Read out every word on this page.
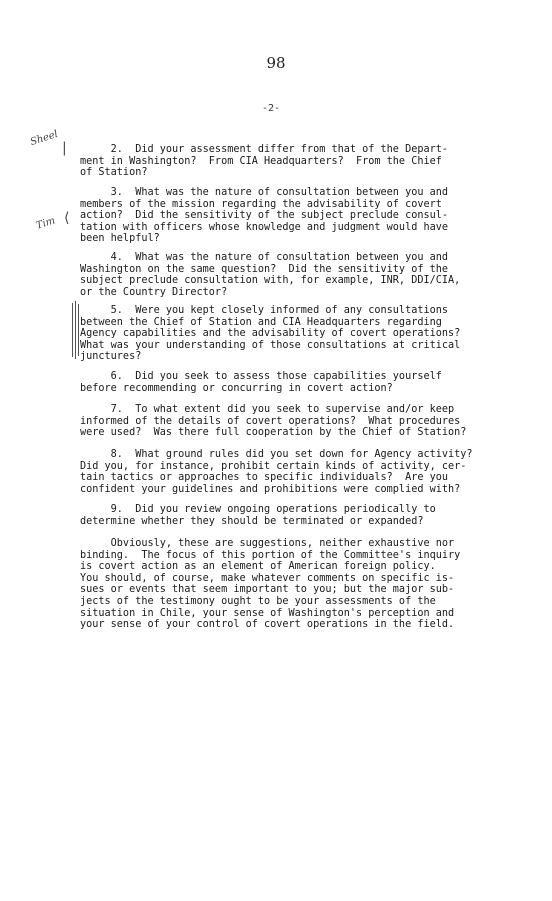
98
-2-
Sheel |
Tim ⟨

2.  Did your assessment differ from that of the Depart-
ment in Washington?  From CIA Headquarters?  From the Chief
of Station?

3.  What was the nature of consultation between you and
members of the mission regarding the advisability of covert
action?  Did the sensitivity of the subject preclude consul-
tation with officers whose knowledge and judgment would have
been helpful?

4.  What was the nature of consultation between you and
Washington on the same question?  Did the sensitivity of the
subject preclude consultation with, for example, INR, DDI/CIA,
or the Country Director?

5.  Were you kept closely informed of any consultations
between the Chief of Station and CIA Headquarters regarding
Agency capabilities and the advisability of covert operations?
What was your understanding of those consultations at critical
junctures?

6.  Did you seek to assess those capabilities yourself
before recommending or concurring in covert action?

7.  To what extent did you seek to supervise and/or keep
informed of the details of covert operations?  What procedures
were used?  Was there full cooperation by the Chief of Station?

8.  What ground rules did you set down for Agency activity?
Did you, for instance, prohibit certain kinds of activity, cer-
tain tactics or approaches to specific individuals?  Are you
confident your guidelines and prohibitions were complied with?

9.  Did you review ongoing operations periodically to
determine whether they should be terminated or expanded?

Obviously, these are suggestions, neither exhaustive nor
binding.  The focus of this portion of the Committee's inquiry
is covert action as an element of American foreign policy.
You should, of course, make whatever comments on specific is-
sues or events that seem important to you; but the major sub-
jects of the testimony ought to be your assessments of the
situation in Chile, your sense of Washington's perception and
your sense of your control of covert operations in the field.
